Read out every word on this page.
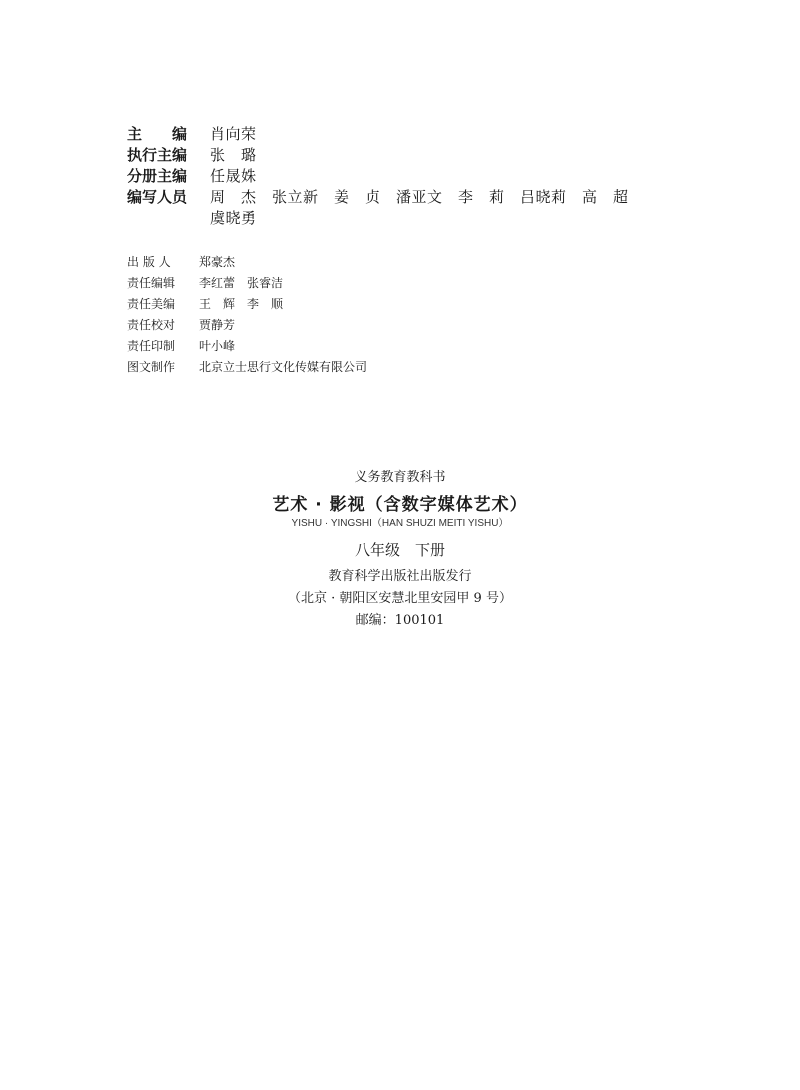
主　　编 肖向荣
执行主编 张　璐
分册主编 任晟姝
编写人员 周　杰　张立新　姜　贞　潘亚文　李　莉　吕晓莉　高　超
虞晓勇
出 版 人	郑豪杰
责任编辑	李红蕾　张睿洁
责任美编	王　辉　李　顺
责任校对	贾静芳
责任印制	叶小峰
图文制作	北京立士思行文化传媒有限公司
义务教育教科书
艺术 · 影视（含数字媒体艺术）
YISHU · YINGSHI（HAN SHUZI MEITI YISHU）
八年级　下册
教育科学出版社出版发行
（北京 · 朝阳区安慧北里安园甲 9 号）
邮编：100101
